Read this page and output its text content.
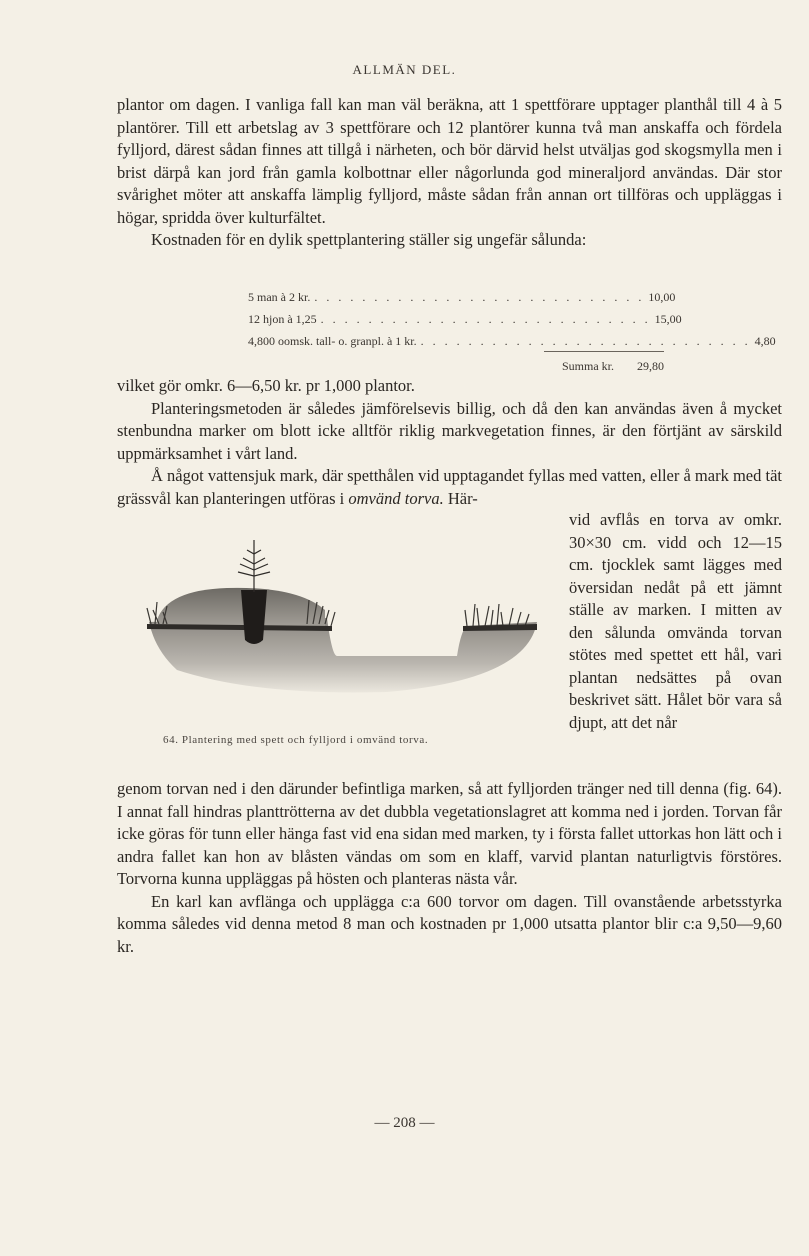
ALLMÄN DEL.

plantor om dagen. I vanliga fall kan man väl beräkna, att 1 spettförare upptager planthål till 4 à 5 plantörer. Till ett arbetslag av 3 spettförare och 12 plantörer kunna två man anskaffa och fördela fylljord, därest sådan finnes att tillgå i närheten, och bör därvid helst utväljas god skogsmylla men i brist därpå kan jord från gamla kolbottnar eller någorlunda god mineraljord användas. Där stor svårighet möter att anskaffa lämplig fylljord, måste sådan från annan ort tillföras och uppläggas i högar, spridda över kulturfältet.

Kostnaden för en dylik spettplantering ställer sig ungefär sålunda:

5 man à 2 kr. . . . . . . . . . . . . . . . . . . . . . . . . . . . . 10,00
12 hjon à 1,25 . . . . . . . . . . . . . . . . . . . . . . . . . . . . 15,00
4,800 oomsk. tall- o. granpl. à 1 kr. . . . . . . . . . . . . . . . . . . . . . . . . . . . . 4,80
Summa kr.	29,80

vilket gör omkr. 6—6,50 kr. pr 1,000 plantor.

Planteringsmetoden är således jämförelsevis billig, och då den kan användas även å mycket stenbundna marker om blott icke alltför riklig markvegetation finnes, är den förtjänt av särskild uppmärksamhet i vårt land.

Å något vattensjuk mark, där spetthålen vid upptagandet fyllas med vatten, eller å mark med tät grässvål kan planteringen utföras i omvänd torva. Här-

64. Plantering med spett och fylljord i omvänd torva.

vid avflås en torva av omkr. 30×30 cm. vidd och 12—15 cm. tjocklek samt lägges med översidan nedåt på ett jämnt ställe av marken. I mitten av den sålunda omvända torvan stötes med spettet ett hål, vari plantan nedsättes på ovan beskrivet sätt. Hålet bör vara så djupt, att det når

genom torvan ned i den därunder befintliga marken, så att fylljorden tränger ned till denna (fig. 64). I annat fall hindras planttrötterna av det dubbla vegetationslagret att komma ned i jorden. Torvan får icke göras för tunn eller hänga fast vid ena sidan med marken, ty i första fallet uttorkas hon lätt och i andra fallet kan hon av blåsten vändas om som en klaff, varvid plantan naturligtvis förstöres. Torvorna kunna uppläggas på hösten och planteras nästa vår.

En karl kan avflänga och upplägga c:a 600 torvor om dagen. Till ovanstående arbetsstyrka komma således vid denna metod 8 man och kostnaden pr 1,000 utsatta plantor blir c:a 9,50—9,60 kr.

— 208 —
